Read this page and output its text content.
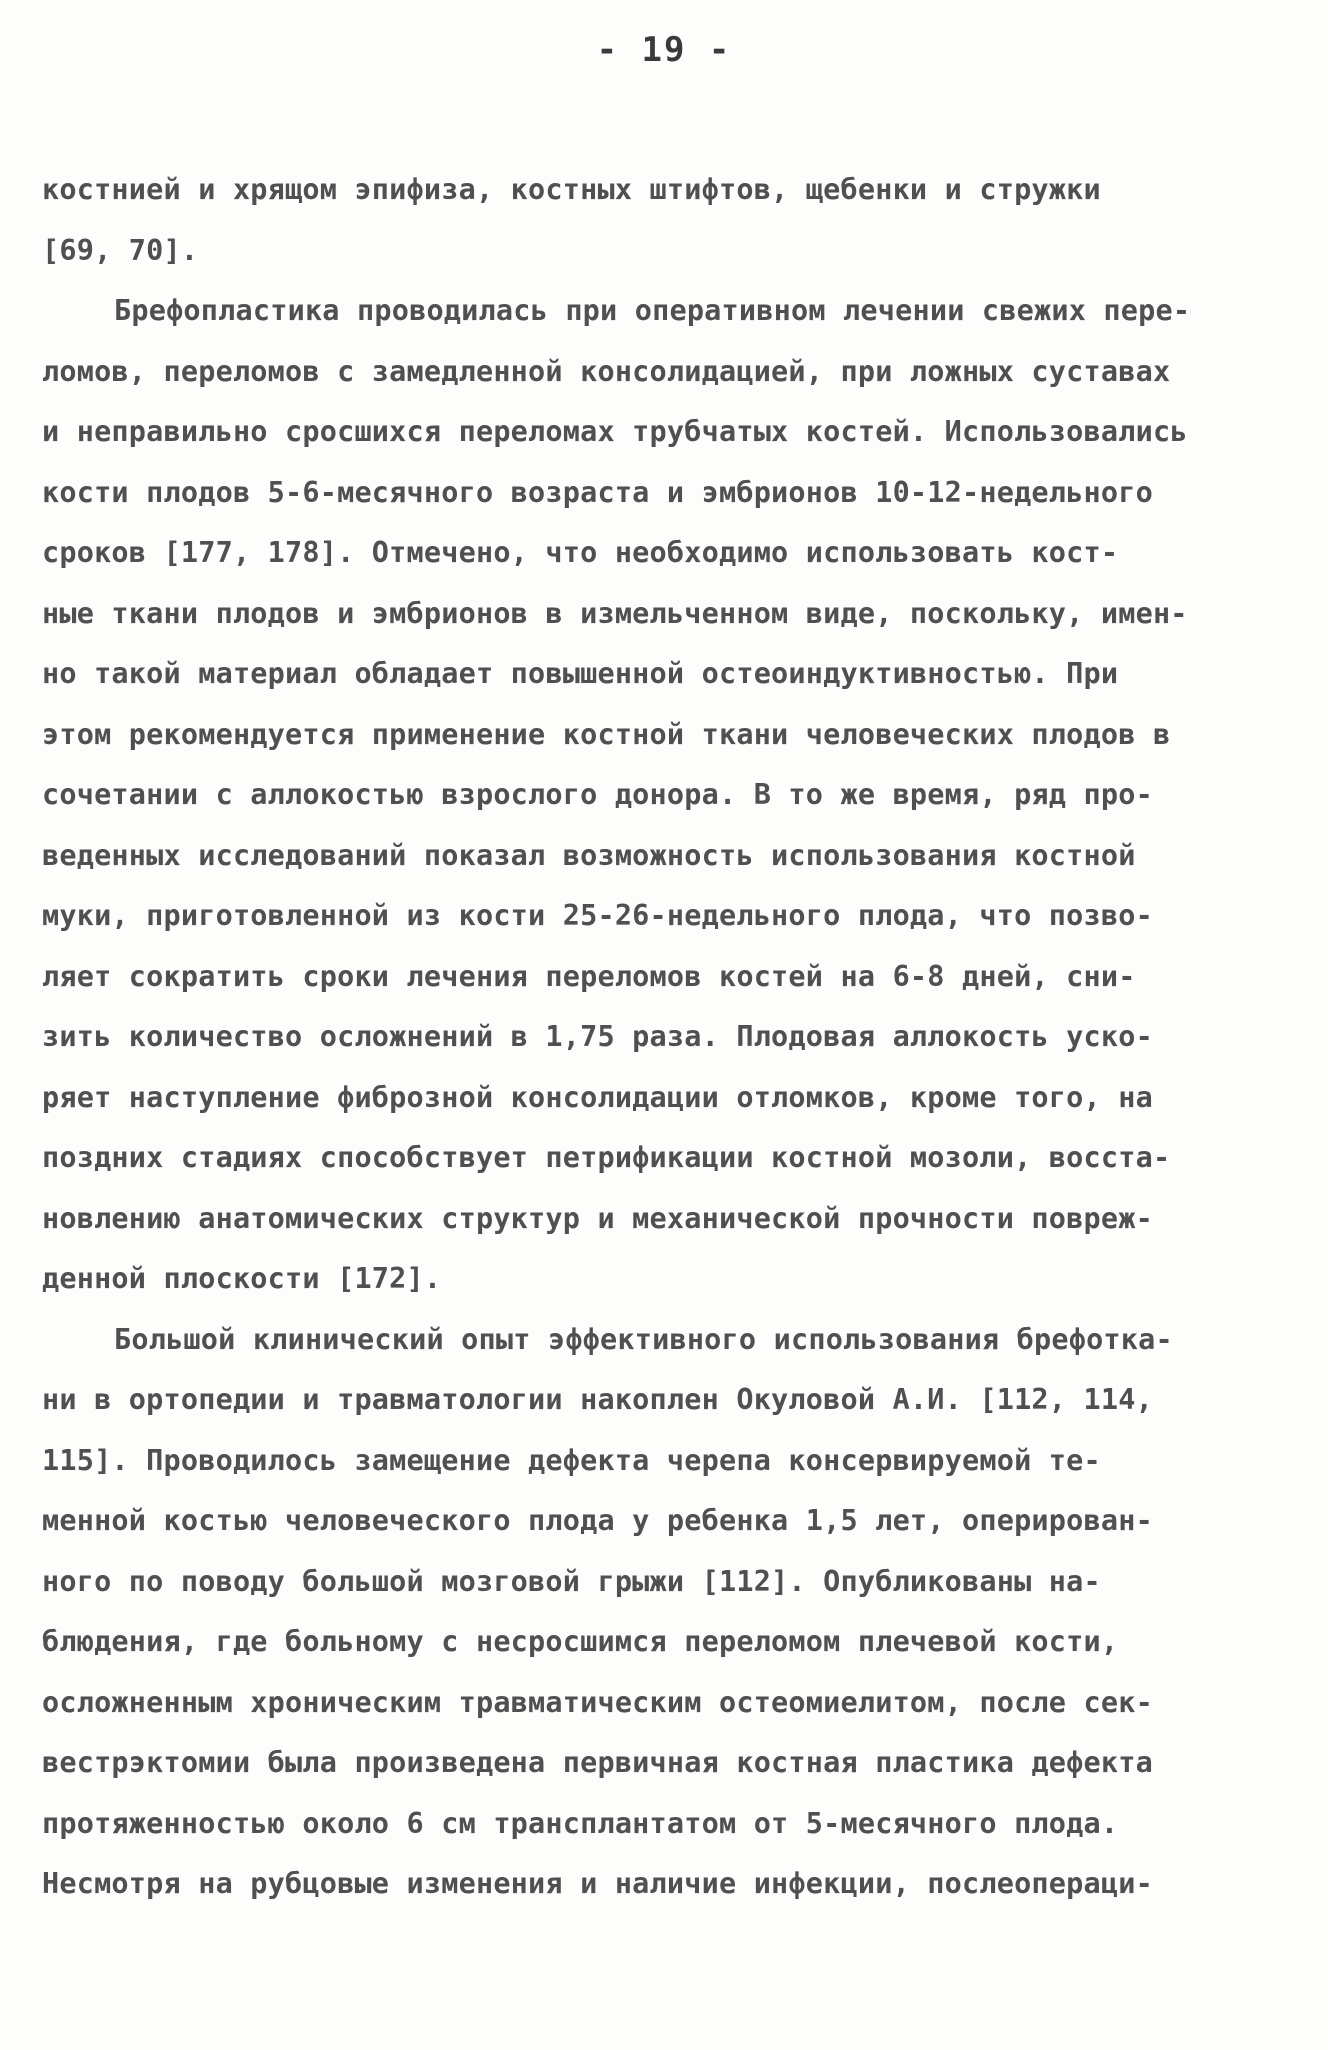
- 19 -
костнией и хрящом эпифиза, костных штифтов, щебенки и стружки
[69, 70].
Брефопластика проводилась при оперативном лечении свежих пере-
ломов, переломов с замедленной консолидацией, при ложных суставах
и неправильно сросшихся переломах трубчатых костей. Использовались
кости плодов 5-6-месячного возраста и эмбрионов 10-12-недельного
сроков [177, 178]. Отмечено, что необходимо использовать кост-
ные ткани плодов и эмбрионов в измельченном виде, поскольку, имен-
но такой материал обладает повышенной остеоиндуктивностью. При
этом рекомендуется применение костной ткани человеческих плодов в
сочетании с аллокостью взрослого донора. В то же время, ряд про-
веденных исследований показал возможность использования костной
муки, приготовленной из кости 25-26-недельного плода, что позво-
ляет сократить сроки лечения переломов костей на 6-8 дней, сни-
зить количество осложнений в 1,75 раза. Плодовая аллокость уско-
ряет наступление фиброзной консолидации отломков, кроме того, на
поздних стадиях способствует петрификации костной мозоли, восста-
новлению анатомических структур и механической прочности повреж-
денной плоскости [172].
Большой клинический опыт эффективного использования брефоткa-
ни в ортопедии и травматологии накоплен Окуловой А.И. [112, 114,
115]. Проводилось замещение дефекта черепа консервируемой те-
менной костью человеческого плода у ребенка 1,5 лет, оперирован-
ного по поводу большой мозговой грыжи [112]. Опубликованы на-
блюдения, где больному с несросшимся переломом плечевой кости,
осложненным хроническим травматическим остеомиелитом, после сек-
вестрэктомии была произведена первичная костная пластика дефекта
протяженностью около 6 см трансплантатом от 5-месячного плода.
Несмотря на рубцовые изменения и наличие инфекции, послеопераци-
